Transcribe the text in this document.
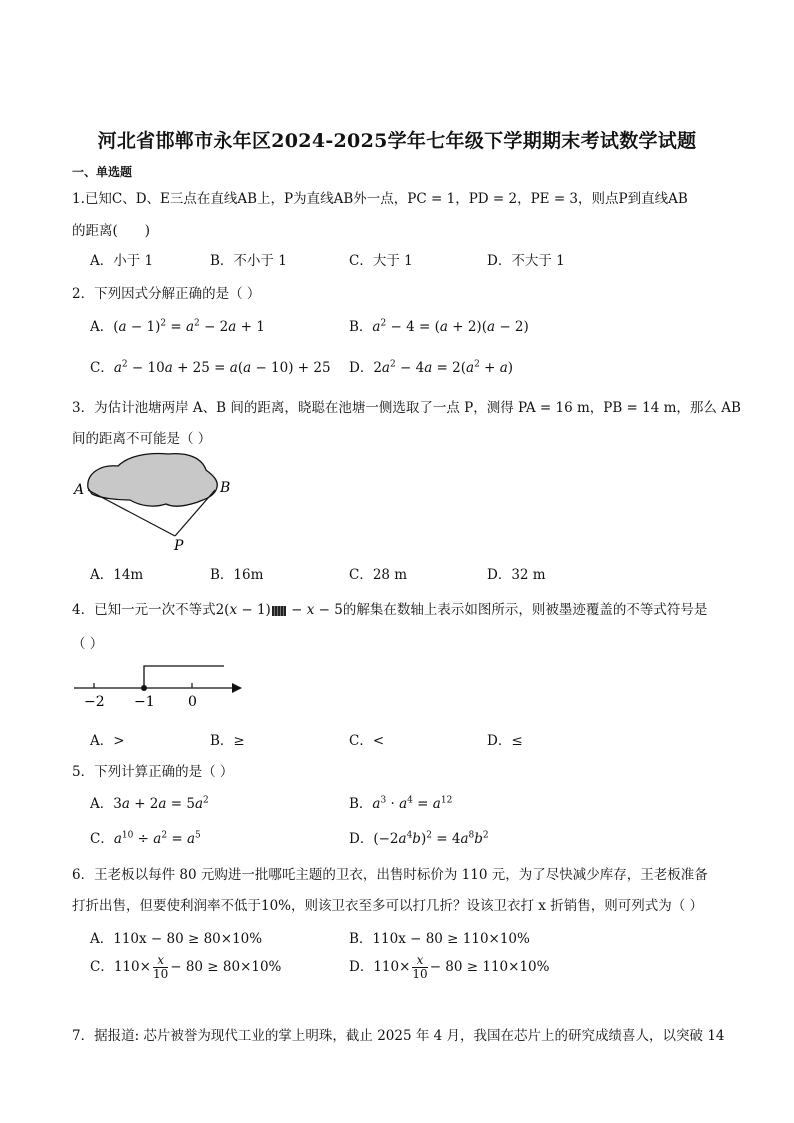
河北省邯郸市永年区2024-2025学年七年级下学期期末考试数学试题
一、单选题
1.已知C、D、E三点在直线AB上，P为直线AB外一点，PC = 1，PD = 2，PE = 3，则点P到直线AB
的距离(　　)
A．小于 1	B．不小于 1	C．大于 1	D．不大于 1
2．下列因式分解正确的是（ ）
A．$(a - 1)^2 = a^2 - 2a + 1$	B．$a^2 - 4 = (a + 2)(a - 2)$
C．$a^2 - 10a + 25 = a(a - 10) + 25$ D．$2a^2 - 4a = 2(a^2 + a)$
3．为估计池塘两岸 A、B 间的距离，晓聪在池塘一侧选取了一点 P，测得 PA = 16 m，PB = 14 m，那么 AB
间的距离不可能是（ ）
A	B
P
A．14m	B．16m	C．28 m	D．32 m
4．已知一元一次不等式2(x − 1) − x − 5的解集在数轴上表示如图所示，则被墨迹覆盖的不等式符号是
（ ）
−2 −1 0
A．>	B．≥	C．<	D．≤
5．下列计算正确的是（ ）
A．$3a + 2a = 5a^2$	B．$a^3 \cdot a^4 = a^{12}$
C．$a^{10} \div a^2 = a^5$	D．$(-2a^4b)^2 = 4a^8b^2$
6．王老板以每件 80 元购进一批哪吒主题的卫衣，出售时标价为 110 元，为了尽快减少库存，王老板准备
打折出售，但要使利润率不低于10%，则该卫衣至多可以打几折？设该卫衣打 x 折销售，则可列式为（ ）
A．110x − 80 ≥ 80×10%	B．110x − 80 ≥ 110×10%
C．$110\times \frac{x}{10} - 80 \ge 80\times 10\%$	D．$110\times \frac{x}{10} - 80 \ge 110\times 10\%$
7．据报道: 芯片被誉为现代工业的掌上明珠，截止 2025 年 4 月，我国在芯片上的研究成绩喜人，以突破 14
